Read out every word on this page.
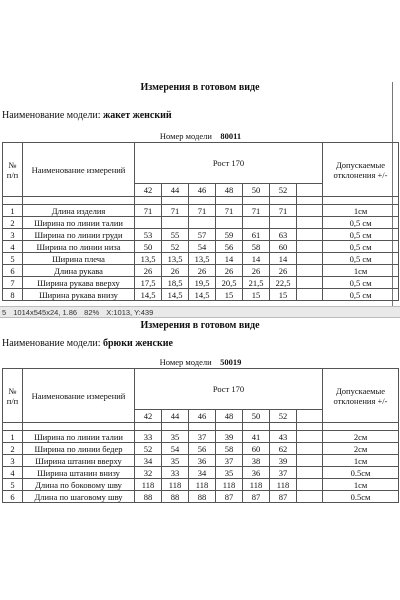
Измерения в готовом виде
Наименование модели: жакет женский
Номер модели 80011									
№
п/п	Наименование измерений	Рост 170							Допускаемые отклонения +/-
		42	44	46	48	50	52		

1	Длина изделия	71	71	71	71	71	71		1см
2	Ширина по линии талии								0,5 см
3	Ширина по линии груди	53	55	57	59	61	63		0,5 см
4	Ширина по линии низа	50	52	54	56	58	60		0,5 см
5	Ширина плеча	13,5	13,5	13,5	14	14	14		0,5 см
6	Длина рукава	26	26	26	26	26	26		1см
7	Ширина рукава вверху	17,5	18,5	19,5	20,5	21,5	22,5		0,5 см
8	Ширина рукава внизу	14,5	14,5	14,5	15	15	15		0,5 см
5 1014x545x24, 1.86 82% X:1013, Y:439
Измерения в готовом виде
Наименование модели: брюки женские
Номер модели 50019									
№
п/п	Наименование измерений	Рост 170							Допускаемые отклонения +/-
		42	44	46	48	50	52		

1	Ширина по линии талии	33	35	37	39	41	43		2см
2	Ширина по линии бедер	52	54	56	58	60	62		2см
3	Ширина штанин вверху	34	35	36	37	38	39		1см
4	Ширина штанин внизу	32	33	34	35	36	37		0.5см
5	Длина по боковому шву	118	118	118	118	118	118		1см
6	Длина по шаговому шву	88	88	88	87	87	87		0.5см
